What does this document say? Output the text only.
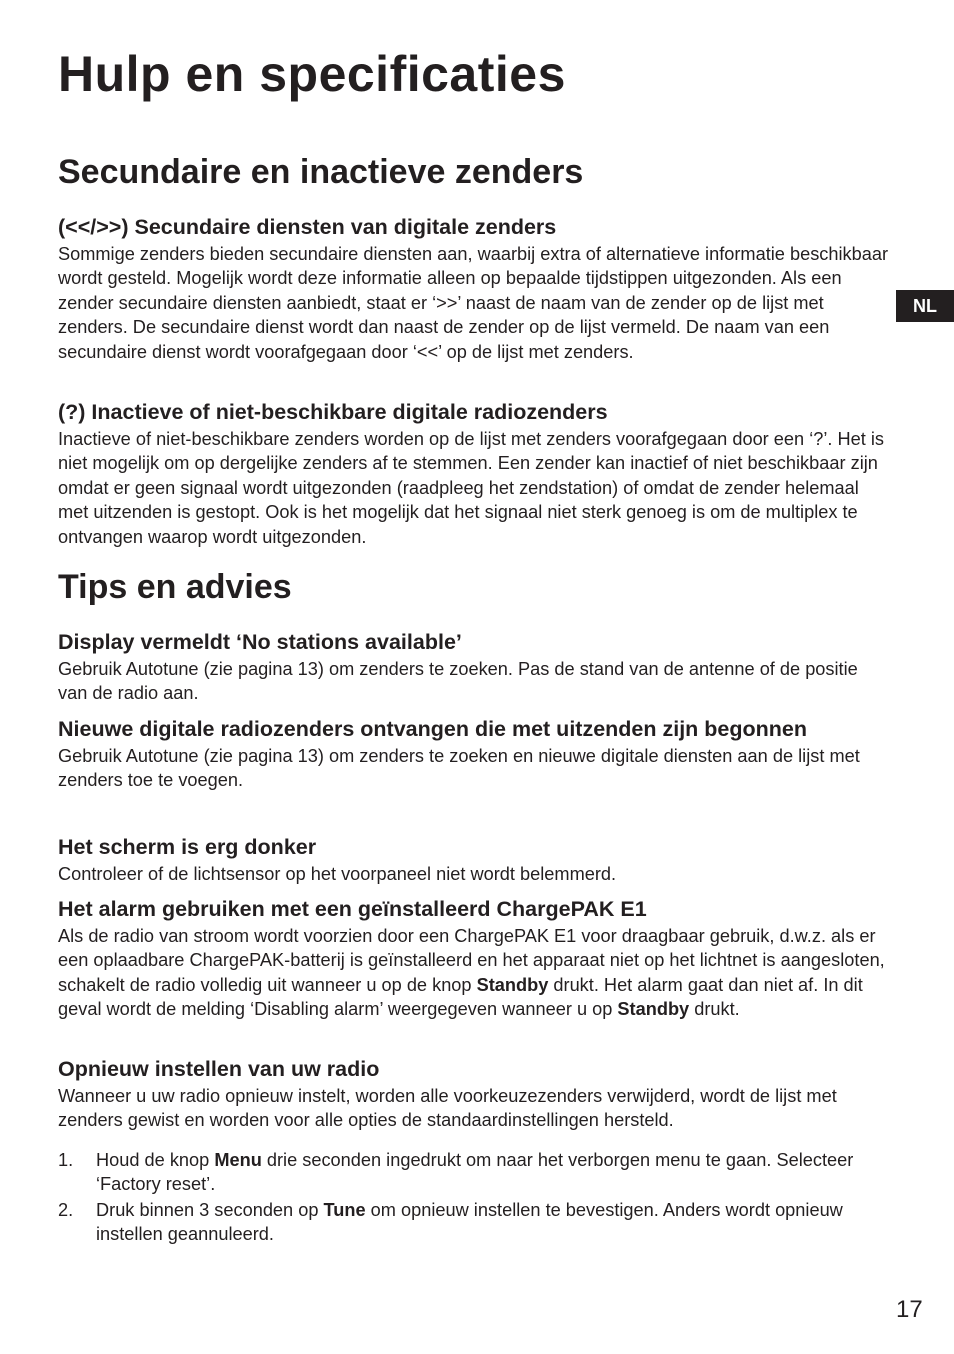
Hulp en specificaties
Secundaire en inactieve zenders
(<</>>) Secundaire diensten van digitale zenders

Sommige zenders bieden secundaire diensten aan, waarbij extra of alternatieve informatie beschikbaar wordt gesteld. Mogelijk wordt deze informatie alleen op bepaalde tijdstippen uitgezonden. Als een zender secundaire diensten aanbiedt, staat er ‘>>’ naast de naam van de zender op de lijst met zenders. De secundaire dienst wordt dan naast de zender op de lijst vermeld. De naam van een secundaire dienst wordt voorafgegaan door ‘<<’ op de lijst met zenders.

(?) Inactieve of niet-beschikbare digitale radiozenders

Inactieve of niet-beschikbare zenders worden op de lijst met zenders voorafgegaan door een ‘?’. Het is niet mogelijk om op dergelijke zenders af te stemmen. Een zender kan inactief of niet beschikbaar zijn omdat er geen signaal wordt uitgezonden (raadpleeg het zendstation) of omdat de zender helemaal met uitzenden is gestopt. Ook is het mogelijk dat het signaal niet sterk genoeg is om de multiplex te ontvangen waarop wordt uitgezonden.

Tips en advies
Display vermeldt ‘No stations available’

Gebruik Autotune (zie pagina 13) om zenders te zoeken. Pas de stand van de antenne of de positie van de radio aan.

Nieuwe digitale radiozenders ontvangen die met uitzenden zijn begonnen

Gebruik Autotune (zie pagina 13) om zenders te zoeken en nieuwe digitale diensten aan de lijst met zenders toe te voegen.

Het scherm is erg donker

Controleer of de lichtsensor op het voorpaneel niet wordt belemmerd.

Het alarm gebruiken met een geïnstalleerd ChargePAK E1

Als de radio van stroom wordt voorzien door een ChargePAK E1 voor draagbaar gebruik, d.w.z. als er een oplaadbare ChargePAK-batterij is geïnstalleerd en het apparaat niet op het lichtnet is aangesloten, schakelt de radio volledig uit wanneer u op de knop Standby drukt. Het alarm gaat dan niet af. In dit geval wordt de melding ‘Disabling alarm’ weergegeven wanneer u op Standby drukt.

Opnieuw instellen van uw radio

Wanneer u uw radio opnieuw instelt, worden alle voorkeuzezenders verwijderd, wordt de lijst met zenders gewist en worden voor alle opties de standaardinstellingen hersteld.

1. Houd de knop Menu drie seconden ingedrukt om naar het verborgen menu te gaan. Selecteer ‘Factory reset’.
2. Druk binnen 3 seconden op Tune om opnieuw instellen te bevestigen. Anders wordt opnieuw instellen geannuleerd.
NL
17
